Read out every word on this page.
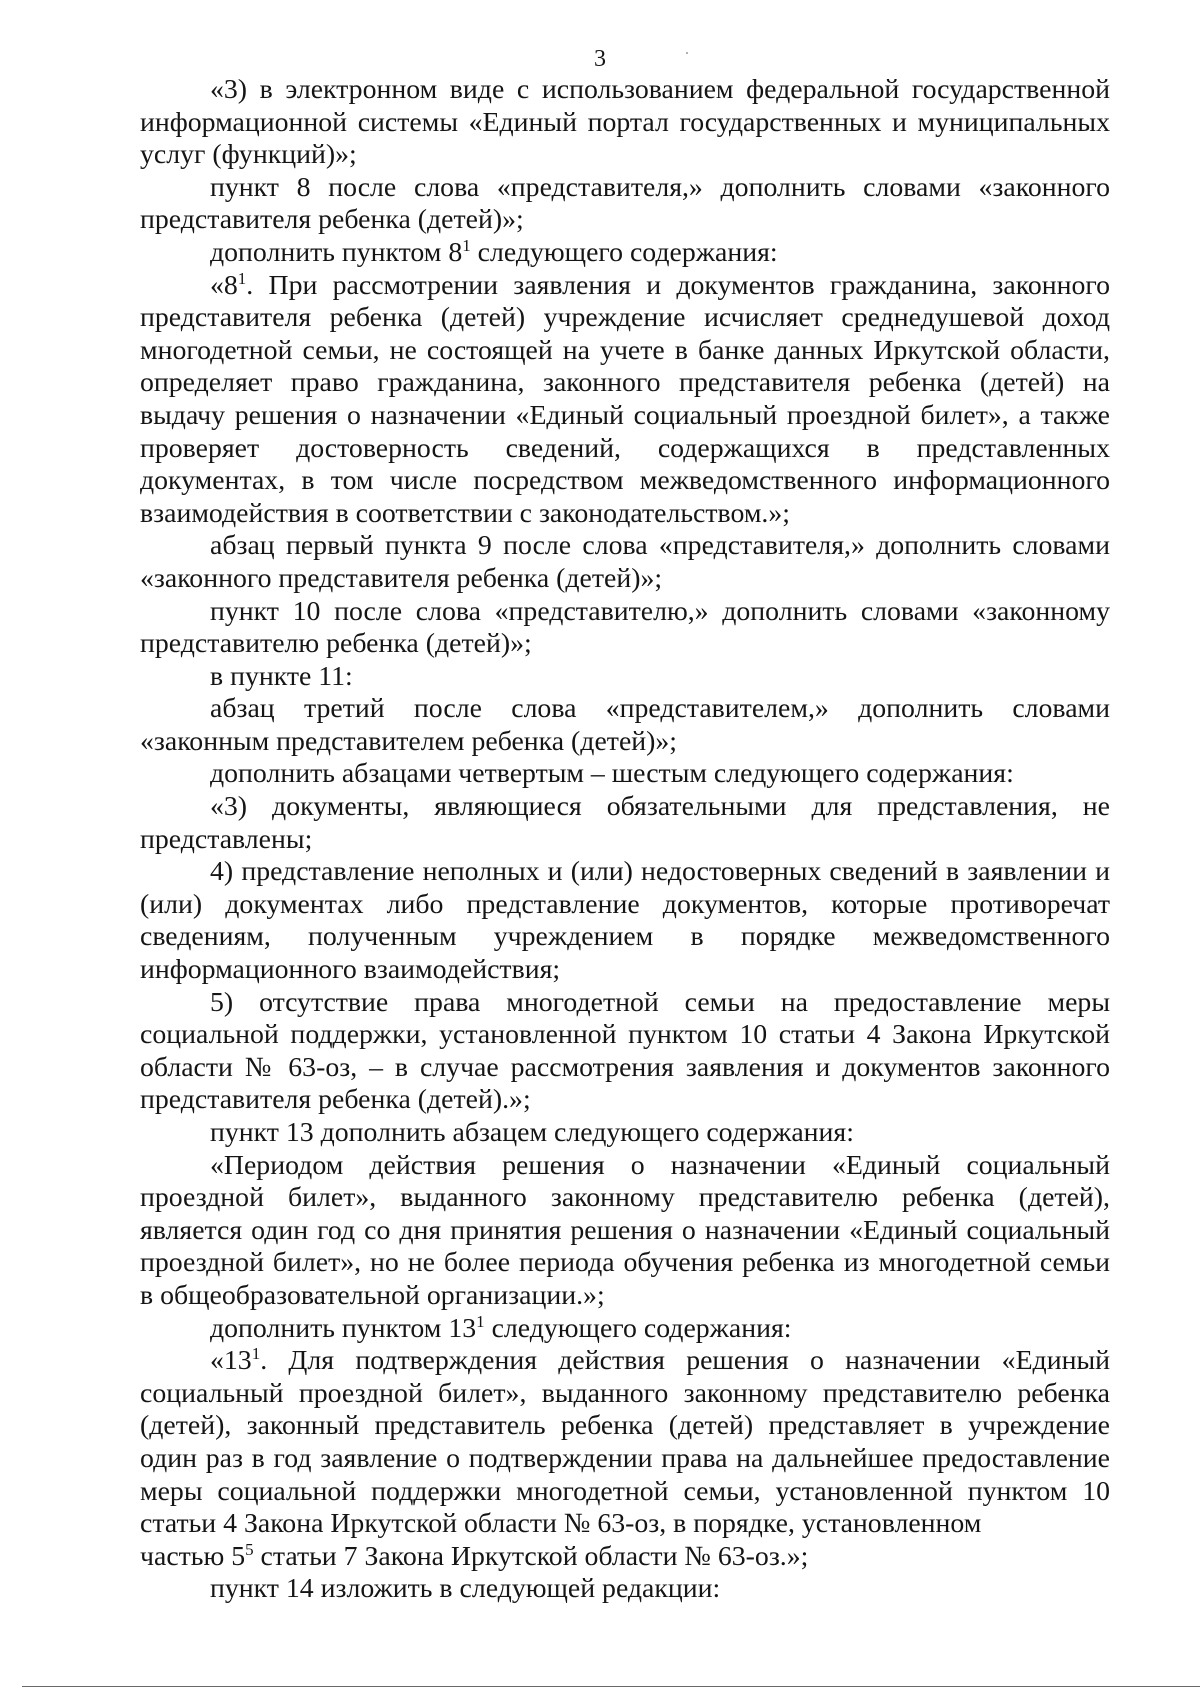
3

«3) в электронном виде с использованием федеральной государственной информационной системы «Единый портал государственных и муниципальных услуг (функций)»;

пункт 8 после слова «представителя,» дополнить словами «законного представителя ребенка (детей)»;

дополнить пунктом $8^1$ следующего содержания:

«$8^1$. При рассмотрении заявления и документов гражданина, законного представителя ребенка (детей) учреждение исчисляет среднедушевой доход многодетной семьи, не состоящей на учете в банке данных Иркутской области, определяет право гражданина, законного представителя ребенка (детей) на выдачу решения о назначении «Единый социальный проездной билет», а также проверяет достоверность сведений, содержащихся в представленных документах, в том числе посредством межведомственного информационного взаимодействия в соответствии с законодательством.»;

абзац первый пункта 9 после слова «представителя,» дополнить словами «законного представителя ребенка (детей)»;

пункт 10 после слова «представителю,» дополнить словами «законному представителю ребенка (детей)»;

в пункте 11:

абзац третий после слова «представителем,» дополнить словами «законным представителем ребенка (детей)»;

дополнить абзацами четвертым – шестым следующего содержания:

«3) документы, являющиеся обязательными для представления, не представлены;

4) представление неполных и (или) недостоверных сведений в заявлении и (или) документах либо представление документов, которые противоречат сведениям, полученным учреждением в порядке межведомственного информационного взаимодействия;

5) отсутствие права многодетной семьи на предоставление меры социальной поддержки, установленной пунктом 10 статьи 4 Закона Иркутской области № 63-оз, – в случае рассмотрения заявления и документов законного представителя ребенка (детей).»;

пункт 13 дополнить абзацем следующего содержания:

«Периодом действия решения о назначении «Единый социальный проездной билет», выданного законному представителю ребенка (детей), является один год со дня принятия решения о назначении «Единый социальный проездной билет», но не более периода обучения ребенка из многодетной семьи в общеобразовательной организации.»;

дополнить пунктом $13^1$ следующего содержания:

«$13^1$. Для подтверждения действия решения о назначении «Единый социальный проездной билет», выданного законному представителю ребенка (детей), законный представитель ребенка (детей) представляет в учреждение один раз в год заявление о подтверждении права на дальнейшее предоставление меры социальной поддержки многодетной семьи, установленной пунктом 10 статьи 4 Закона Иркутской области № 63-оз, в порядке, установленном

частью $5^5$ статьи 7 Закона Иркутской области № 63-оз.»;

пункт 14 изложить в следующей редакции:
